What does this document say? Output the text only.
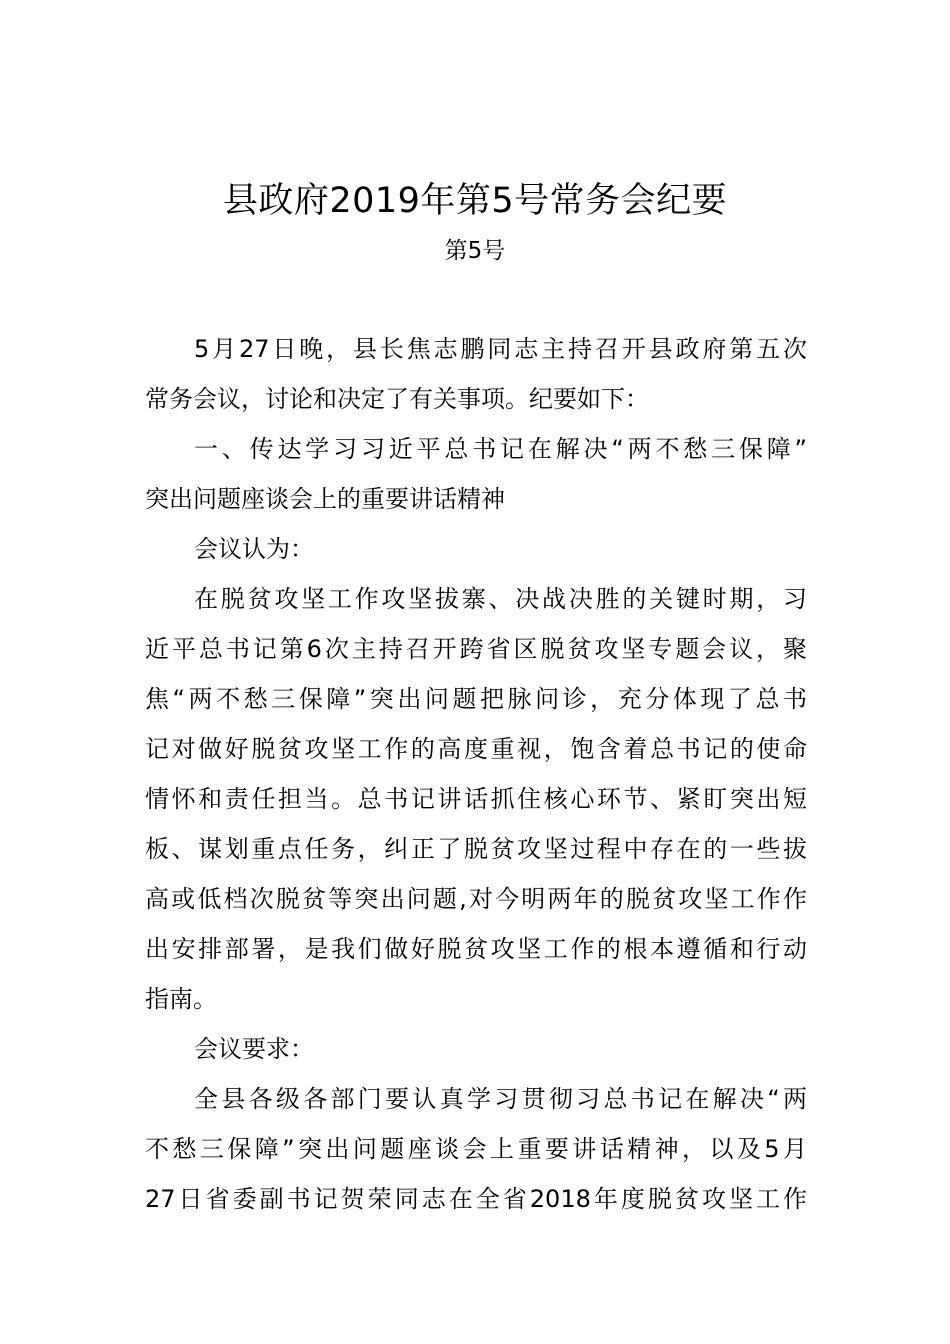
县政府2019年第5号常务会纪要
第5号
5月27日晚，县长焦志鹏同志主持召开县政府第五次
常务会议，讨论和决定了有关事项。纪要如下：
一、传达学习习近平总书记在解决“两不愁三保障”
突出问题座谈会上的重要讲话精神
会议认为：
在脱贫攻坚工作攻坚拔寨、决战决胜的关键时期，习
近平总书记第6次主持召开跨省区脱贫攻坚专题会议，聚
焦“两不愁三保障”突出问题把脉问诊，充分体现了总书
记对做好脱贫攻坚工作的高度重视，饱含着总书记的使命
情怀和责任担当。总书记讲话抓住核心环节、紧盯突出短
板、谋划重点任务，纠正了脱贫攻坚过程中存在的一些拔
高或低档次脱贫等突出问题,对今明两年的脱贫攻坚工作作
出安排部署，是我们做好脱贫攻坚工作的根本遵循和行动
指南。
会议要求：
全县各级各部门要认真学习贯彻习总书记在解决“两
不愁三保障”突出问题座谈会上重要讲话精神，以及5月
27日省委副书记贺荣同志在全省2018年度脱贫攻坚工作
